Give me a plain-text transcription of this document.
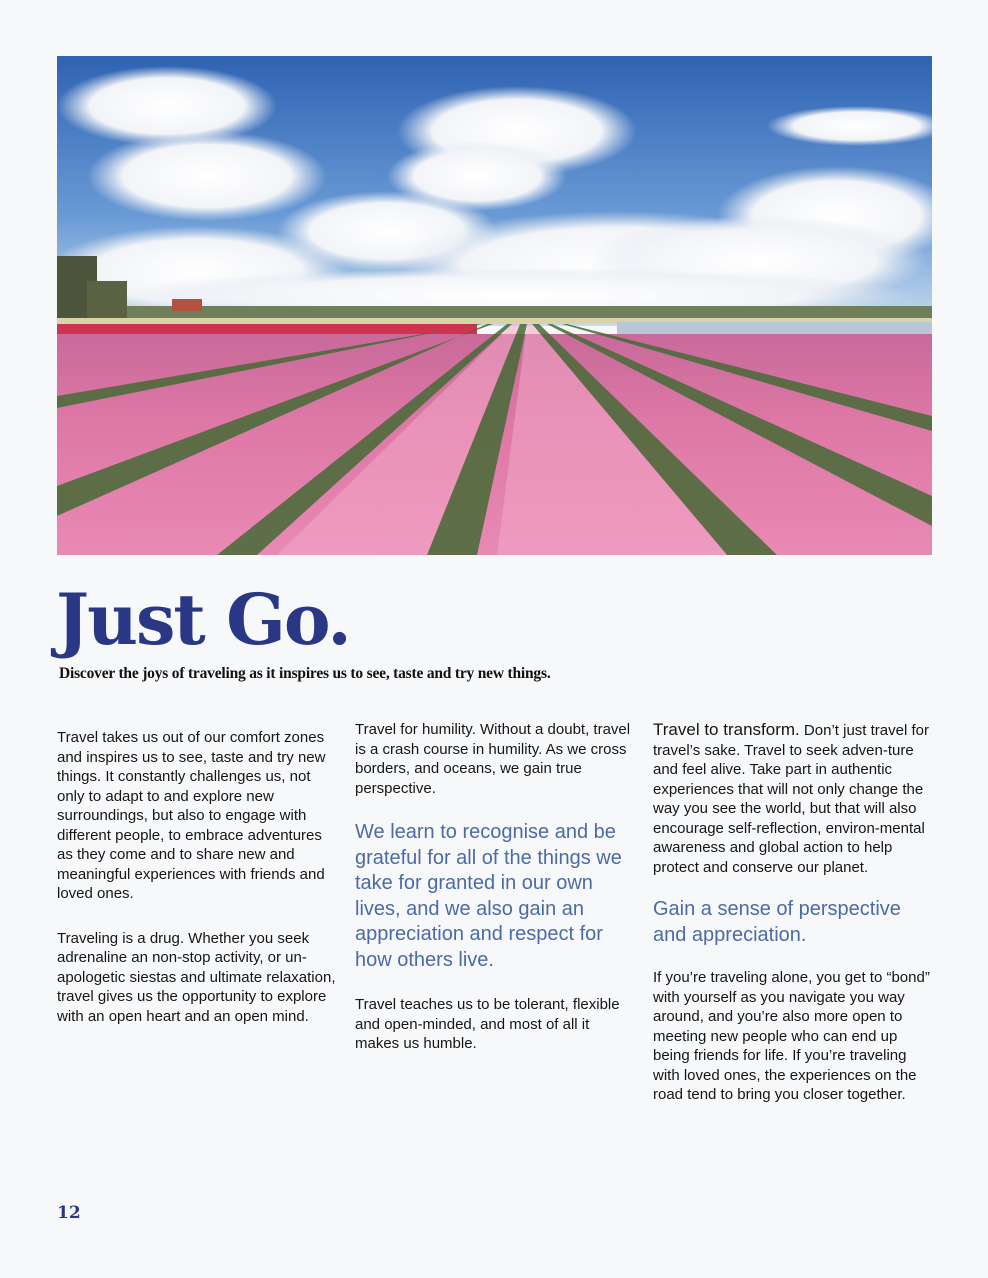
Just Go.

Discover the joys of traveling as it inspires us to see, taste and try new things.

Travel takes us out of our comfort zones and inspires us to see, taste and try new things. It constantly challenges us, not only to adapt to and explore new surroundings, but also to engage with different people, to embrace adventures as they come and to share new and meaningful experiences with friends and loved ones.

Traveling is a drug. Whether you seek adrenaline an non-stop activity, or un-apologetic siestas and ultimate relaxation, travel gives us the opportunity to explore with an open heart and an open mind.

Travel for humility. Without a doubt, travel is a crash course in humility. As we cross borders, and oceans, we gain true perspective.

We learn to recognise and be grateful for all of the things we take for granted in our own lives, and we also gain an appreciation and respect for how others live.

Travel teaches us to be tolerant, flexible and open-minded, and most of all it makes us humble.

Travel to transform. Don’t just travel for travel’s sake. Travel to seek adven-ture and feel alive. Take part in authentic experiences that will not only change the way you see the world, but that will also encourage self-reflection, environ-mental awareness and global action to help protect and conserve our planet.

Gain a sense of perspective and appreciation.

If you’re traveling alone, you get to “bond” with yourself as you navigate you way around, and you’re also more open to meeting new people who can end up being friends for life. If you’re traveling with loved ones, the experiences on the road tend to bring you closer together.

12
